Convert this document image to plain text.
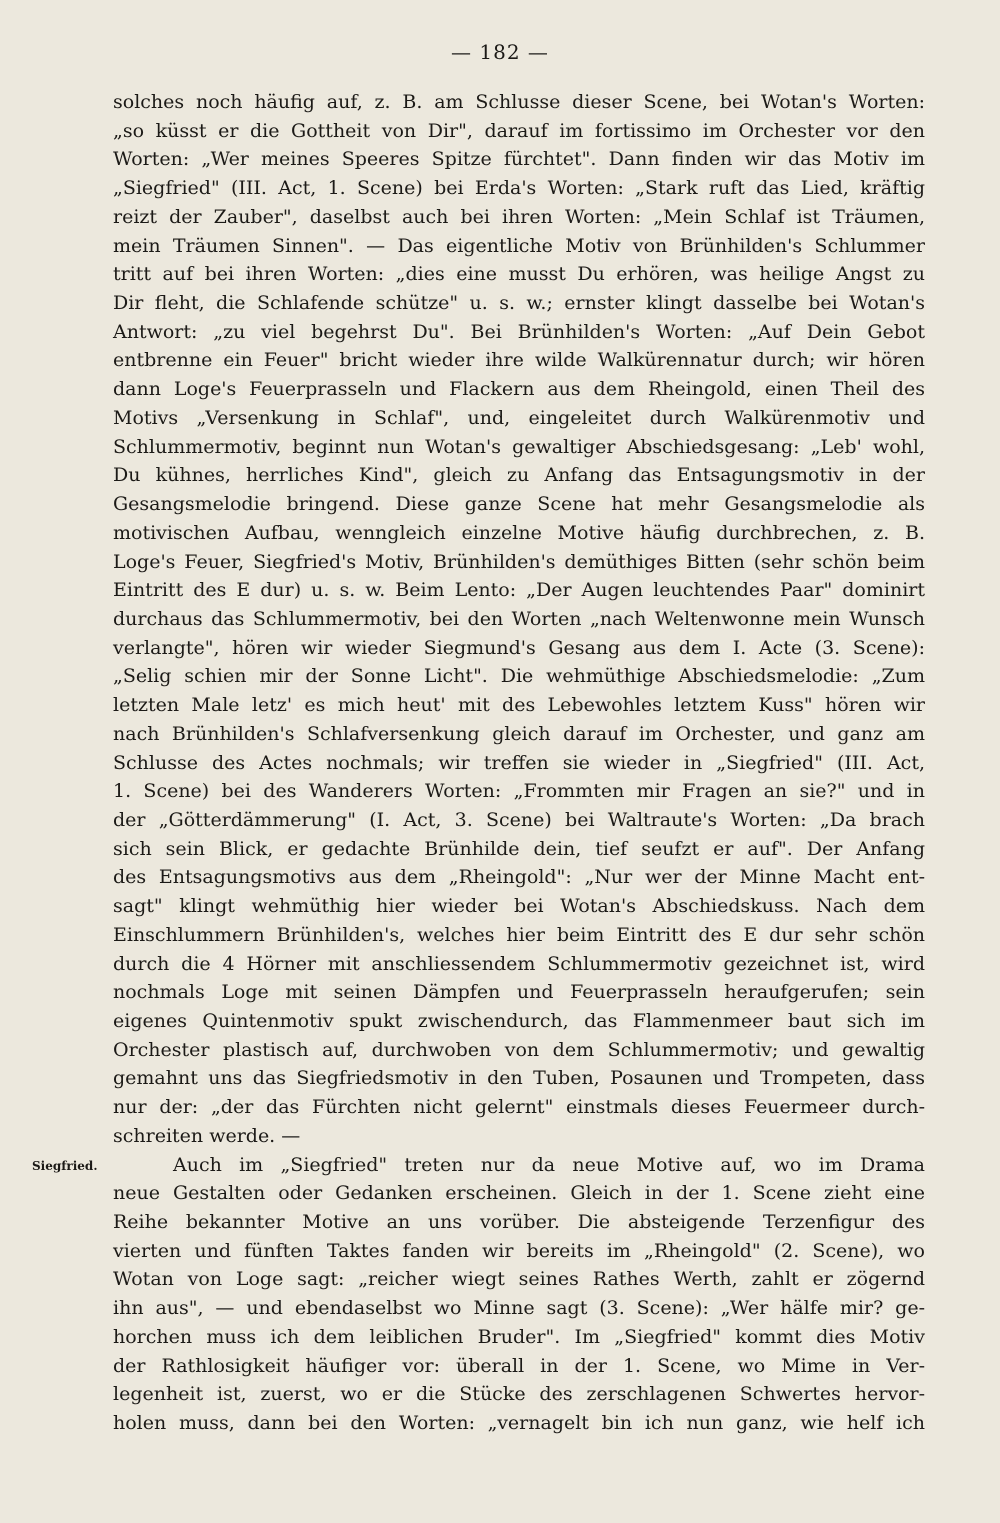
— 182 —
Siegfried.
solches noch häufig auf, z. B. am Schlusse dieser Scene, bei Wotan's Worten:
„so küsst er die Gottheit von Dir", darauf im fortissimo im Orchester vor den
Worten: „Wer meines Speeres Spitze fürchtet". Dann finden wir das Motiv im
„Siegfried" (III. Act, 1. Scene) bei Erda's Worten: „Stark ruft das Lied, kräftig
reizt der Zauber", daselbst auch bei ihren Worten: „Mein Schlaf ist Träumen,
mein Träumen Sinnen". — Das eigentliche Motiv von Brünhilden's Schlummer
tritt auf bei ihren Worten: „dies eine musst Du erhören, was heilige Angst zu
Dir fleht, die Schlafende schütze" u. s. w.; ernster klingt dasselbe bei Wotan's
Antwort: „zu viel begehrst Du". Bei Brünhilden's Worten: „Auf Dein Gebot
entbrenne ein Feuer" bricht wieder ihre wilde Walkürennatur durch; wir hören
dann Loge's Feuerprasseln und Flackern aus dem Rheingold, einen Theil des
Motivs „Versenkung in Schlaf", und, eingeleitet durch Walkürenmotiv und
Schlummermotiv, beginnt nun Wotan's gewaltiger Abschiedsgesang: „Leb' wohl,
Du kühnes, herrliches Kind", gleich zu Anfang das Entsagungsmotiv in der
Gesangsmelodie bringend. Diese ganze Scene hat mehr Gesangsmelodie als
motivischen Aufbau, wenngleich einzelne Motive häufig durchbrechen, z. B.
Loge's Feuer, Siegfried's Motiv, Brünhilden's demüthiges Bitten (sehr schön beim
Eintritt des E dur) u. s. w. Beim Lento: „Der Augen leuchtendes Paar" dominirt
durchaus das Schlummermotiv, bei den Worten „nach Weltenwonne mein Wunsch
verlangte", hören wir wieder Siegmund's Gesang aus dem I. Acte (3. Scene):
„Selig schien mir der Sonne Licht". Die wehmüthige Abschiedsmelodie: „Zum
letzten Male letz' es mich heut' mit des Lebewohles letztem Kuss" hören wir
nach Brünhilden's Schlafversenkung gleich darauf im Orchester, und ganz am
Schlusse des Actes nochmals; wir treffen sie wieder in „Siegfried" (III. Act,
1. Scene) bei des Wanderers Worten: „Frommten mir Fragen an sie?" und in
der „Götterdämmerung" (I. Act, 3. Scene) bei Waltraute's Worten: „Da brach
sich sein Blick, er gedachte Brünhilde dein, tief seufzt er auf". Der Anfang
des Entsagungsmotivs aus dem „Rheingold": „Nur wer der Minne Macht ent-
sagt" klingt wehmüthig hier wieder bei Wotan's Abschiedskuss. Nach dem
Einschlummern Brünhilden's, welches hier beim Eintritt des E dur sehr schön
durch die 4 Hörner mit anschliessendem Schlummermotiv gezeichnet ist, wird
nochmals Loge mit seinen Dämpfen und Feuerprasseln heraufgerufen; sein
eigenes Quintenmotiv spukt zwischendurch, das Flammenmeer baut sich im
Orchester plastisch auf, durchwoben von dem Schlummermotiv; und gewaltig
gemahnt uns das Siegfriedsmotiv in den Tuben, Posaunen und Trompeten, dass
nur der: „der das Fürchten nicht gelernt" einstmals dieses Feuermeer durch-
schreiten werde. —
Auch im „Siegfried" treten nur da neue Motive auf, wo im Drama
neue Gestalten oder Gedanken erscheinen. Gleich in der 1. Scene zieht eine
Reihe bekannter Motive an uns vorüber. Die absteigende Terzenfigur des
vierten und fünften Taktes fanden wir bereits im „Rheingold" (2. Scene), wo
Wotan von Loge sagt: „reicher wiegt seines Rathes Werth, zahlt er zögernd
ihn aus", — und ebendaselbst wo Minne sagt (3. Scene): „Wer hälfe mir? ge-
horchen muss ich dem leiblichen Bruder". Im „Siegfried" kommt dies Motiv
der Rathlosigkeit häufiger vor: überall in der 1. Scene, wo Mime in Ver-
legenheit ist, zuerst, wo er die Stücke des zerschlagenen Schwertes hervor-
holen muss, dann bei den Worten: „vernagelt bin ich nun ganz, wie helf ich
